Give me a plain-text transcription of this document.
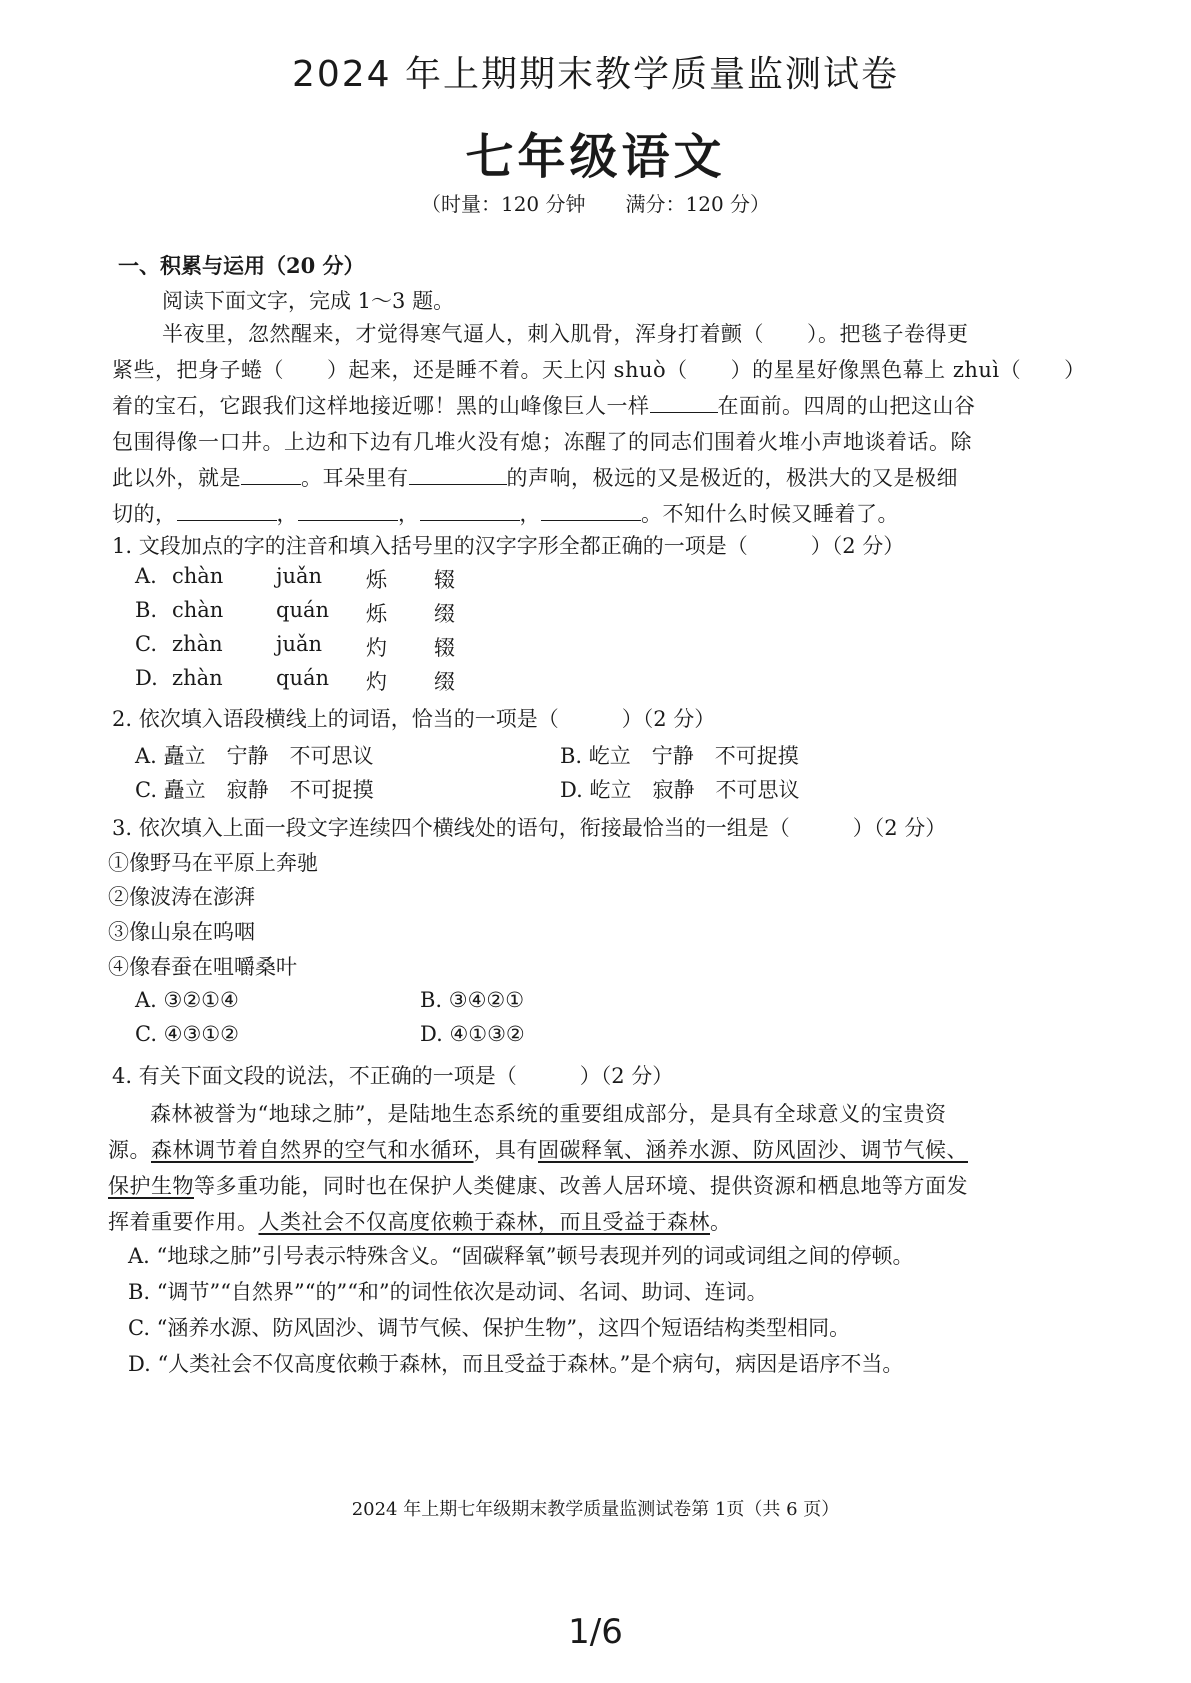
2024 年上期期末教学质量监测试卷
七年级语文
（时量：120 分钟　　满分：120 分）
一、积累与运用（20 分）
阅读下面文字，完成 1～3 题。
半夜里，忽然醒来，才觉得寒气逼人，刺入肌骨，浑身打着颤（　　）。把毯子卷得更
紧些，把身子蜷（　　）起来，还是睡不着。天上闪 shuò（　　）的星星好像黑色幕上 zhuì（　　）
着的宝石，它跟我们这样地接近哪！黑的山峰像巨人一样	在面前。四周的山把这山谷
包围得像一口井。上边和下边有几堆火没有熄；冻醒了的同志们围着火堆小声地谈着话。除
此以外，就是	。耳朵里有	的声响，极远的又是极近的，极洪大的又是极细
切的，	，	，	，	。不知什么时候又睡着了。
1. 文段加点的字的注音和填入括号里的汉字字形全都正确的一项是（　　　）（2 分）
A. chàn	juǎn 烁 辍
B. chàn	quán 烁 缀
C. zhàn	juǎn 灼 辍
D. zhàn	quán 灼 缀
2. 依次填入语段横线上的词语，恰当的一项是（　　　）（2 分）
A. 矗立　宁静　不可思议	B. 屹立　宁静　不可捉摸
C. 矗立　寂静　不可捉摸	D. 屹立　寂静　不可思议
3. 依次填入上面一段文字连续四个横线处的语句，衔接最恰当的一组是（　　　）（2 分）
①像野马在平原上奔驰
②像波涛在澎湃
③像山泉在呜咽
④像春蚕在咀嚼桑叶
A. ③②①④	B. ③④②①
C. ④③①②	D. ④①③②
4. 有关下面文段的说法，不正确的一项是（　　　）（2 分）
森林被誉为“地球之肺”，是陆地生态系统的重要组成部分，是具有全球意义的宝贵资
源。森林调节着自然界的空气和水循环，具有固碳释氧、涵养水源、防风固沙、调节气候、
保护生物等多重功能，同时也在保护人类健康、改善人居环境、提供资源和栖息地等方面发
挥着重要作用。人类社会不仅高度依赖于森林，而且受益于森林。
A. “地球之肺”引号表示特殊含义。“固碳释氧”顿号表现并列的词或词组之间的停顿。
B. “调节”“自然界”“的”“和”的词性依次是动词、名词、助词、连词。
C. “涵养水源、防风固沙、调节气候、保护生物”，这四个短语结构类型相同。
D. “人类社会不仅高度依赖于森林，而且受益于森林。”是个病句，病因是语序不当。
2024 年上期七年级期末教学质量监测试卷第 1页（共 6 页）
1/6
